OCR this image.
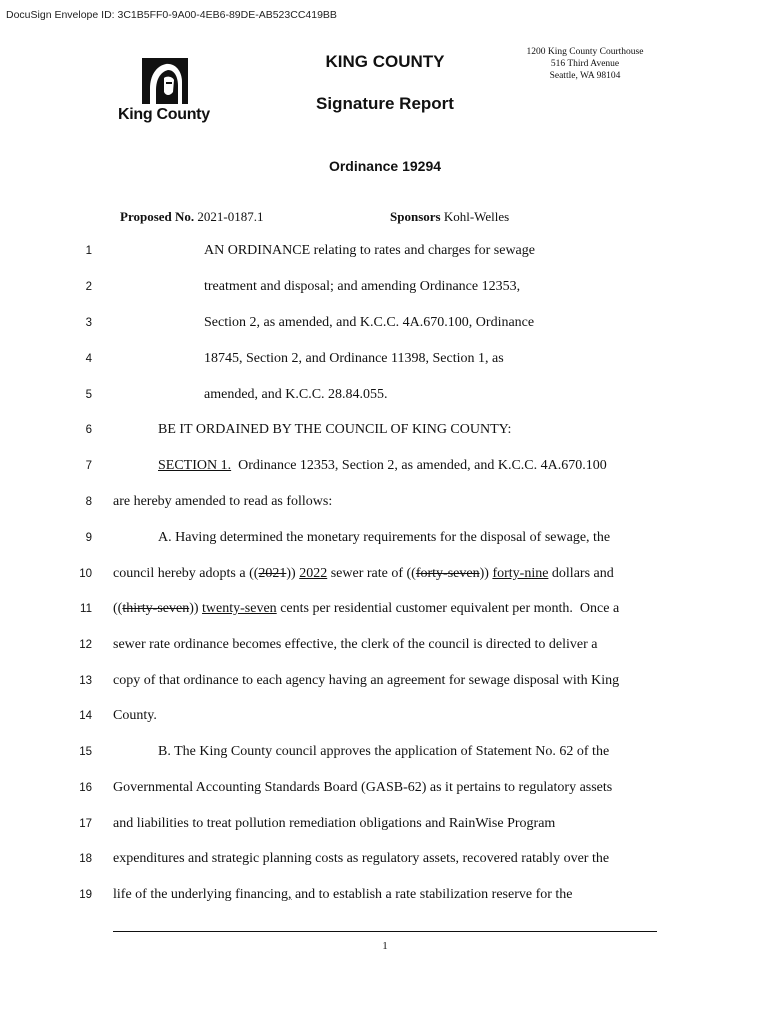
DocuSign Envelope ID: 3C1B5FF0-9A00-4EB6-89DE-AB523CC419BB
King County
KING COUNTY
Signature Report
1200 King County Courthouse
516 Third Avenue
Seattle, WA 98104
Ordinance 19294
Proposed No. 2021-0187.1	Sponsors Kohl-Welles
1
2
3
4
5
6
7
8
9
10
11
12
13
14
15
16
17
18
19
AN ORDINANCE relating to rates and charges for sewage
treatment and disposal; and amending Ordinance 12353,
Section 2, as amended, and K.C.C. 4A.670.100, Ordinance
18745, Section 2, and Ordinance 11398, Section 1, as
amended, and K.C.C. 28.84.055.
BE IT ORDAINED BY THE COUNCIL OF KING COUNTY:
SECTION 1.  Ordinance 12353, Section 2, as amended, and K.C.C. 4A.670.100
are hereby amended to read as follows:
A. Having determined the monetary requirements for the disposal of sewage, the
council hereby adopts a ((2021)) 2022 sewer rate of ((forty-seven)) forty-nine dollars and
((thirty-seven)) twenty-seven cents per residential customer equivalent per month.  Once a
sewer rate ordinance becomes effective, the clerk of the council is directed to deliver a
copy of that ordinance to each agency having an agreement for sewage disposal with King
County.
B. The King County council approves the application of Statement No. 62 of the
Governmental Accounting Standards Board (GASB-62) as it pertains to regulatory assets
and liabilities to treat pollution remediation obligations and RainWise Program
expenditures and strategic planning costs as regulatory assets, recovered ratably over the
life of the underlying financing, and to establish a rate stabilization reserve for the
1
